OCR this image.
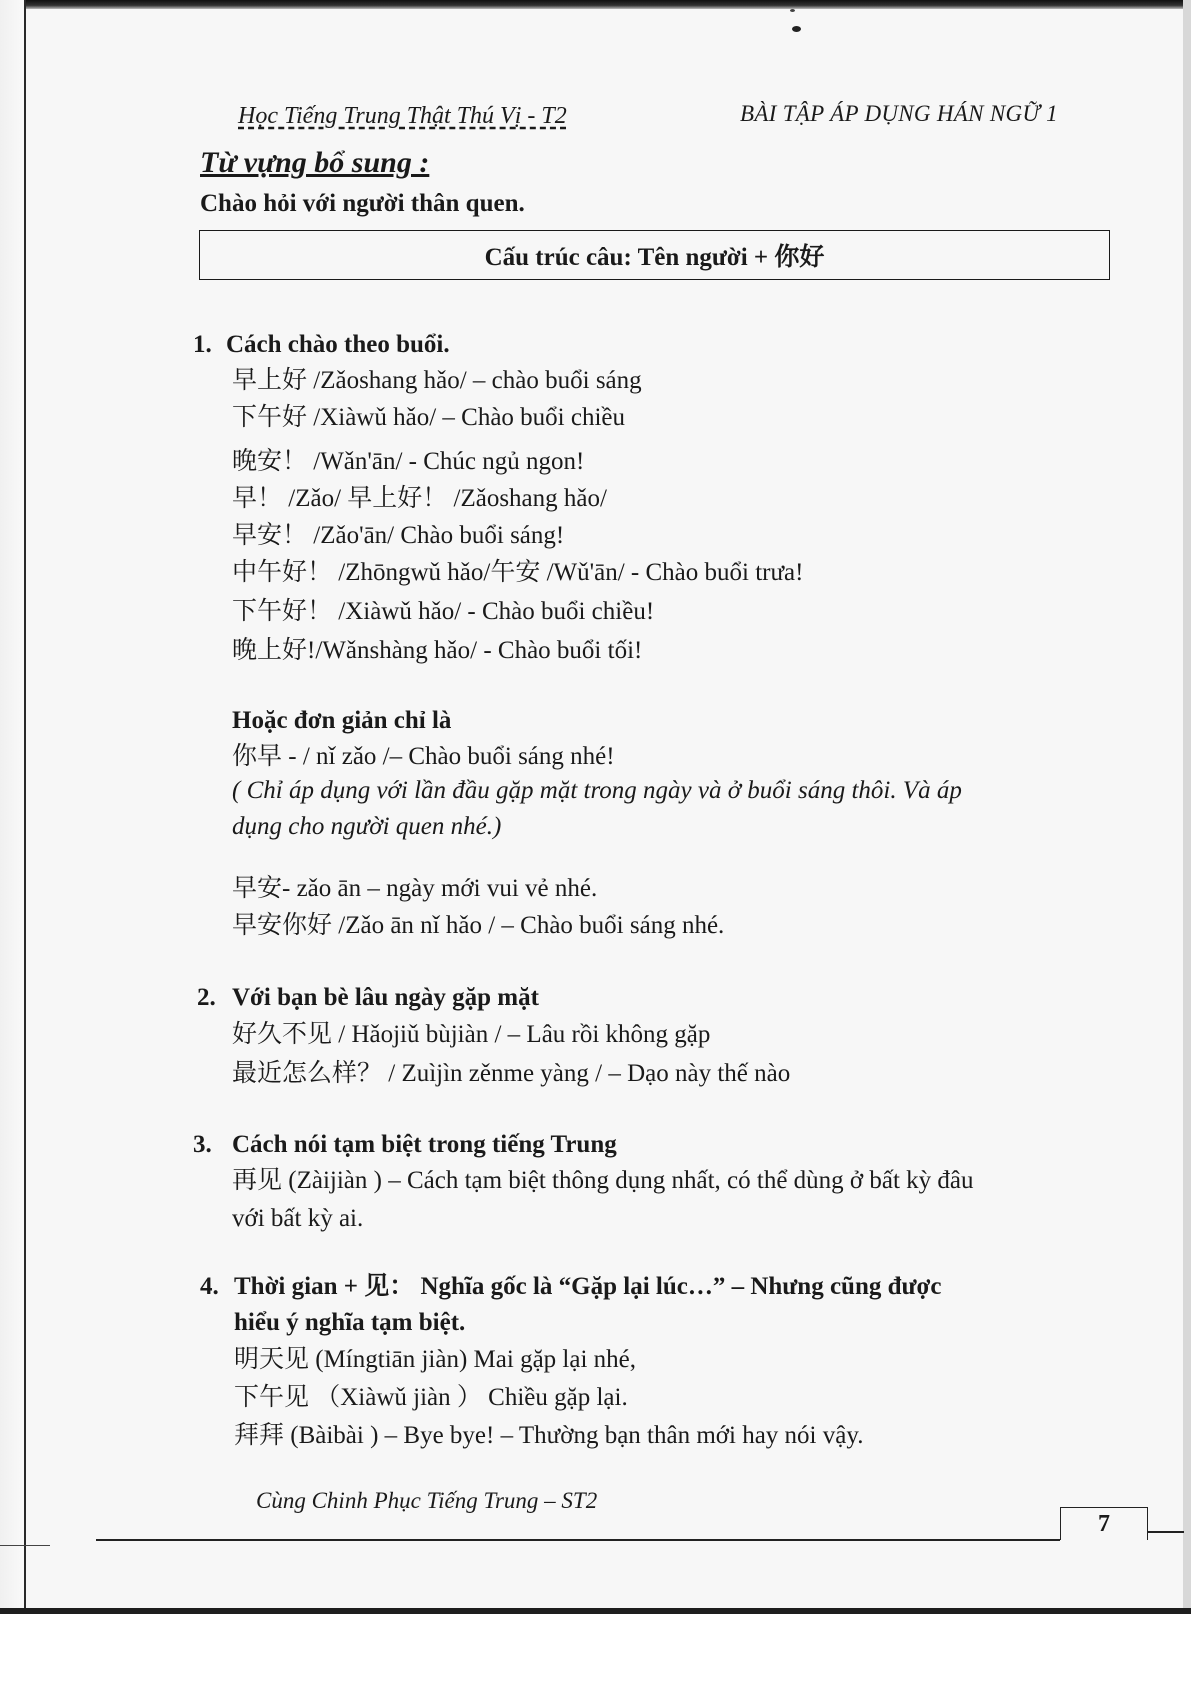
Học Tiếng Trung Thật Thú Vị - T2	BÀI TẬP ÁP DỤNG HÁN NGỮ 1
Từ vựng bổ sung :
Chào hỏi với người thân quen.
Cấu trúc câu: Tên người + 你好
1. Cách chào theo buổi.
早上好 /Zǎoshang hǎo/ – chào buổi sáng
下午好 /Xiàwǔ hǎo/ – Chào buổi chiều
晚安！ /Wǎn'ān/ - Chúc ngủ ngon!
早！ /Zǎo/ 早上好！ /Zǎoshang hǎo/
早安！ /Zǎo'ān/ Chào buổi sáng!
中午好！ /Zhōngwǔ hǎo/午安 /Wǔ'ān/ - Chào buổi trưa!
下午好！ /Xiàwǔ hǎo/ - Chào buổi chiều!
晚上好!/Wǎnshàng hǎo/ - Chào buổi tối!
Hoặc đơn giản chỉ là
你早 - / nǐ zǎo /– Chào buổi sáng nhé!
( Chỉ áp dụng với lần đầu gặp mặt trong ngày và ở buổi sáng thôi. Và áp
dụng cho người quen nhé.)
早安- zǎo ān – ngày mới vui vẻ nhé.
早安你好 /Zǎo ān nǐ hǎo / – Chào buổi sáng nhé.
2. Với bạn bè lâu ngày gặp mặt
好久不见 / Hǎojiǔ bùjiàn / – Lâu rồi không gặp
最近怎么样？ / Zuìjìn zěnme yàng / – Dạo này thế nào
3. Cách nói tạm biệt trong tiếng Trung
再见 (Zàijiàn ) – Cách tạm biệt thông dụng nhất, có thể dùng ở bất kỳ đâu
với bất kỳ ai.
4. Thời gian + 见： Nghĩa gốc là “Gặp lại lúc…” – Nhưng cũng được
hiểu ý nghĩa tạm biệt.
明天见 (Míngtiān jiàn) Mai gặp lại nhé,
下午见 （Xiàwǔ jiàn ） Chiều gặp lại.
拜拜 (Bàibài ) – Bye bye! – Thường bạn thân mới hay nói vậy.
Cùng Chinh Phục Tiếng Trung – ST2
7
